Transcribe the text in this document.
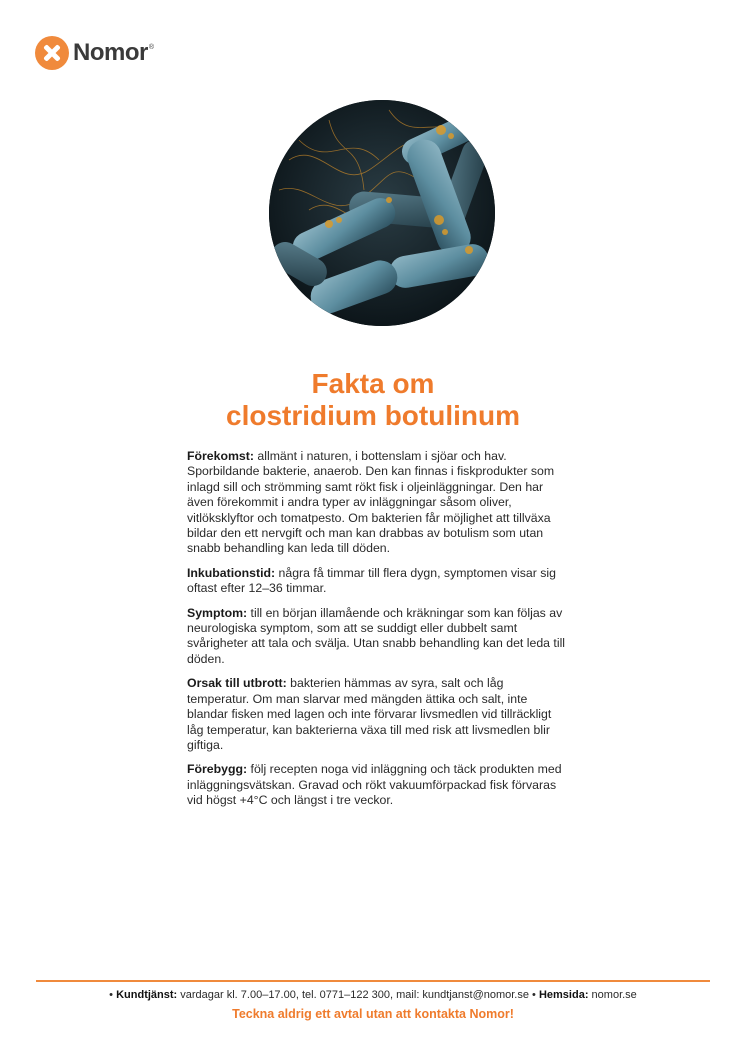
Nomor ®
Fakta om
clostridium botulinum

Förekomst: allmänt i naturen, i bottenslam i sjöar och hav. Sporbildande bakterie, anaerob. Den kan finnas i fiskprodukter som inlagd sill och strömming samt rökt fisk i oljeinläggningar. Den har även förekommit i andra typer av inläggningar såsom oliver, vitlöksklyftor och tomatpesto. Om bakterien får möjlighet att tillväxa bildar den ett nervgift och man kan drabbas av botulism som utan snabb behandling kan leda till döden.

Inkubationstid: några få timmar till flera dygn, symptomen visar sig oftast efter 12–36 timmar.

Symptom: till en början illamående och kräkningar som kan följas av neurologiska symptom, som att se suddigt eller dubbelt samt svårigheter att tala och svälja. Utan snabb behandling kan det leda till döden.

Orsak till utbrott: bakterien hämmas av syra, salt och låg temperatur. Om man slarvar med mängden ättika och salt, inte blandar fisken med lagen och inte förvarar livsmedlen vid tillräckligt låg temperatur, kan bakterierna växa till med risk att livsmedlen blir giftiga.

Förebygg: följ recepten noga vid inläggning och täck produkten med inläggningsvätskan. Gravad och rökt vakuumförpackad fisk förvaras vid högst +4°C och längst i tre veckor.

• Kundtjänst: vardagar kl. 7.00–17.00, tel. 0771–122 300, mail: kundtjanst@nomor.se • Hemsida: nomor.se
Teckna aldrig ett avtal utan att kontakta Nomor!
